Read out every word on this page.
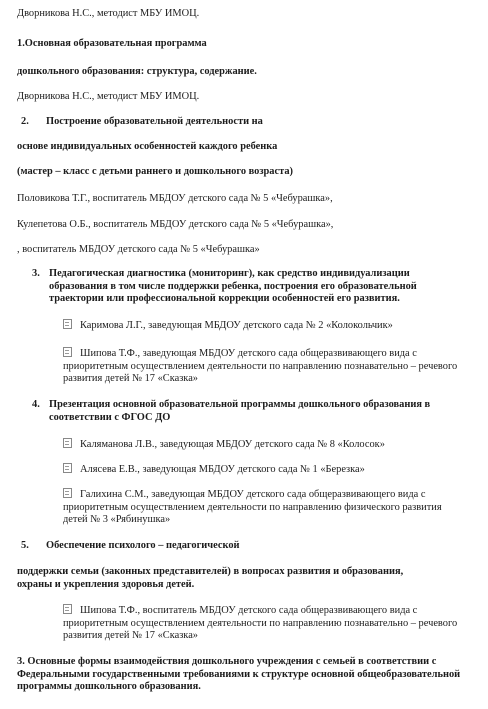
Дворникова Н.С., методист МБУ ИМОЦ.
1.Основная образовательная программа
дошкольного образования: структура, содержание.
Дворникова Н.С., методист МБУ ИМОЦ.
2. Построение образовательной деятельности на
основе индивидуальных особенностей каждого ребенка
(мастер – класс с детьми раннего и дошкольного возраста)
Половикова Т.Г., воспитатель МБДОУ детского сада № 5 «Чебурашка»,
Кулепетова О.Б., воспитатель МБДОУ детского сада № 5 «Чебурашка»,
, воспитатель МБДОУ детского сада № 5 «Чебурашка»
3. Педагогическая диагностика (мониторинг), как средство индивидуализации образования в том числе поддержки ребенка, построения его образовательной траектории или профессиональной коррекции особенностей его развития.
Каримова Л.Г., заведующая МБДОУ детского сада № 2 «Колокольчик»
Шипова Т.Ф., заведующая МБДОУ детского сада общеразвивающего вида с приоритетным осуществлением деятельности по направлению познавательно – речевого развития детей № 17 «Сказка»
4. Презентация основной образовательной программы дошкольного образования в соответствии с ФГОС ДО
Каляманова Л.В., заведующая МБДОУ детского сада № 8 «Колосок»
Алясева Е.В., заведующая МБДОУ детского сада № 1 «Березка»
Галихина С.М., заведующая МБДОУ детского сада общеразвивающего вида с приоритетным осуществлением деятельности по направлению физического развития детей № 3 «Рябинушка»
5. Обеспечение психолого – педагогической
поддержки семьи (законных представителей) в вопросах развития и образования, охраны и укрепления здоровья детей.
Шипова Т.Ф., воспитатель МБДОУ детского сада общеразвивающего вида с приоритетным осуществлением деятельности по направлению познавательно – речевого развития детей № 17 «Сказка»
3. Основные формы взаимодействия дошкольного учреждения с семьей в соответствии с Федеральными государственными требованиями к структуре основной общеобразовательной программы дошкольного образования.
